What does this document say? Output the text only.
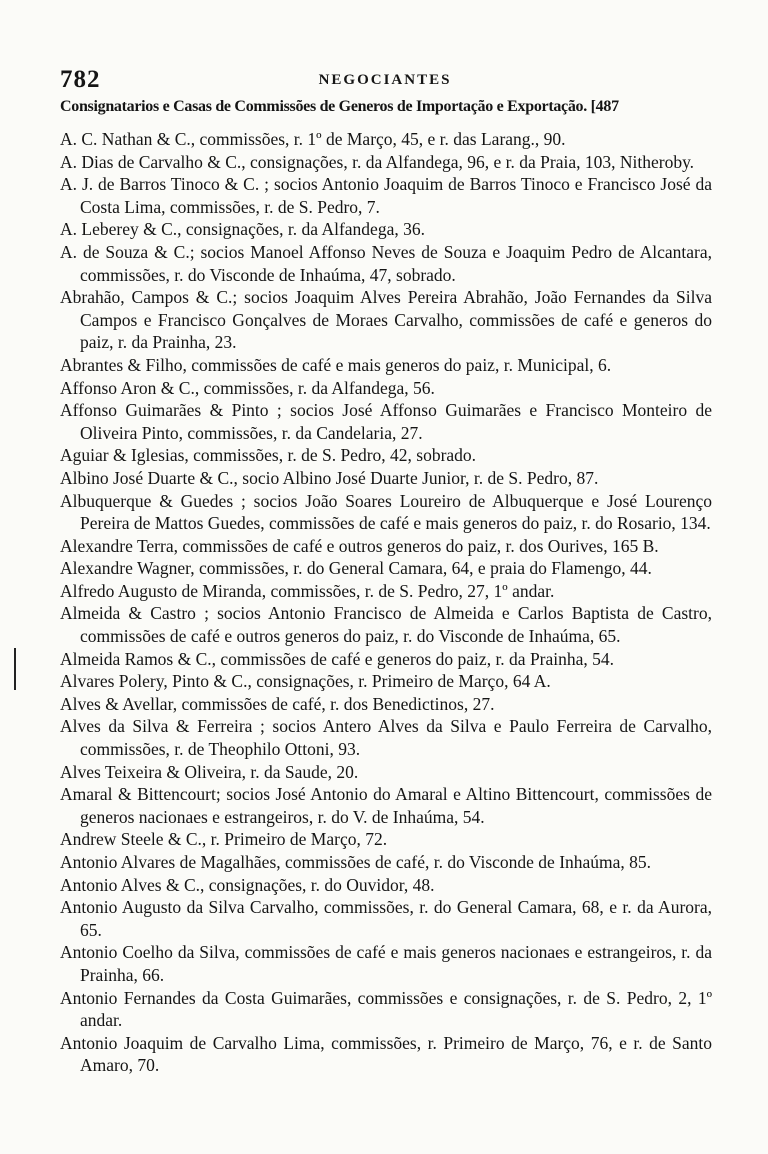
782	NEGOCIANTES
Consignatarios e Casas de Commissões de Generos de Importação e Exportação. [487

A. C. Nathan & C., commissões, r. 1º de Março, 45, e r. das Larang., 90.

A. Dias de Carvalho & C., consignações, r. da Alfandega, 96, e r. da Praia, 103, Nitheroby.

A. J. de Barros Tinoco & C. ; socios Antonio Joaquim de Barros Tinoco e Francisco José da Costa Lima, commissões, r. de S. Pedro, 7.

A. Leberey & C., consignações, r. da Alfandega, 36.

A. de Souza & C.; socios Manoel Affonso Neves de Souza e Joaquim Pedro de Alcantara, commissões, r. do Visconde de Inhaúma, 47, sobrado.

Abrahão, Campos & C.; socios Joaquim Alves Pereira Abrahão, João Fernandes da Silva Campos e Francisco Gonçalves de Moraes Carvalho, commissões de café e generos do paiz, r. da Prainha, 23.

Abrantes & Filho, commissões de café e mais generos do paiz, r. Municipal, 6.

Affonso Aron & C., commissões, r. da Alfandega, 56.

Affonso Guimarães & Pinto ; socios José Affonso Guimarães e Francisco Monteiro de Oliveira Pinto, commissões, r. da Candelaria, 27.

Aguiar & Iglesias, commissões, r. de S. Pedro, 42, sobrado.

Albino José Duarte & C., socio Albino José Duarte Junior, r. de S. Pedro, 87.

Albuquerque & Guedes ; socios João Soares Loureiro de Albuquerque e José Lourenço Pereira de Mattos Guedes, commissões de café e mais generos do paiz, r. do Rosario, 134.

Alexandre Terra, commissões de café e outros generos do paiz, r. dos Ourives, 165 B.

Alexandre Wagner, commissões, r. do General Camara, 64, e praia do Flamengo, 44.

Alfredo Augusto de Miranda, commissões, r. de S. Pedro, 27, 1º andar.

Almeida & Castro ; socios Antonio Francisco de Almeida e Carlos Baptista de Castro, commissões de café e outros generos do paiz, r. do Visconde de Inhaúma, 65.

Almeida Ramos & C., commissões de café e generos do paiz, r. da Prainha, 54.

Alvares Polery, Pinto & C., consignações, r. Primeiro de Março, 64 A.

Alves & Avellar, commissões de café, r. dos Benedictinos, 27.

Alves da Silva & Ferreira ; socios Antero Alves da Silva e Paulo Ferreira de Carvalho, commissões, r. de Theophilo Ottoni, 93.

Alves Teixeira & Oliveira, r. da Saude, 20.

Amaral & Bittencourt; socios José Antonio do Amaral e Altino Bittencourt, commissões de generos nacionaes e estrangeiros, r. do V. de Inhaúma, 54.

Andrew Steele & C., r. Primeiro de Março, 72.

Antonio Alvares de Magalhães, commissões de café, r. do Visconde de Inhaúma, 85.

Antonio Alves & C., consignações, r. do Ouvidor, 48.

Antonio Augusto da Silva Carvalho, commissões, r. do General Camara, 68, e r. da Aurora, 65.

Antonio Coelho da Silva, commissões de café e mais generos nacionaes e estrangeiros, r. da Prainha, 66.

Antonio Fernandes da Costa Guimarães, commissões e consignações, r. de S. Pedro, 2, 1º andar.

Antonio Joaquim de Carvalho Lima, commissões, r. Primeiro de Março, 76, e r. de Santo Amaro, 70.
